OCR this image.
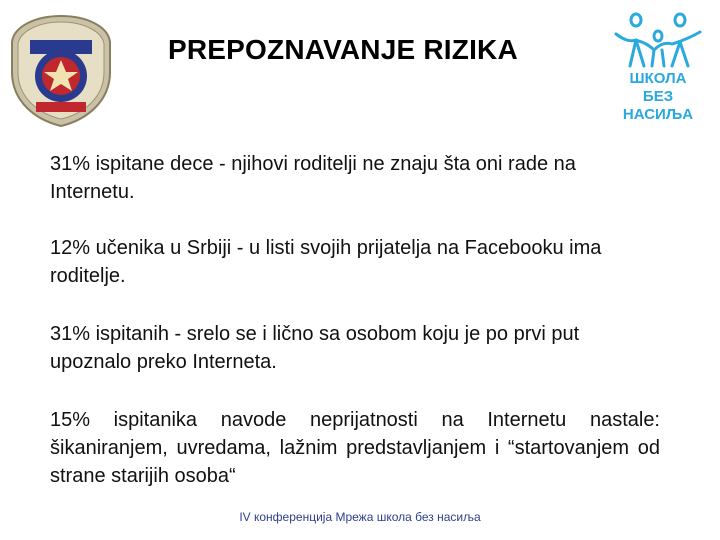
PREPOZNAVANJE RIZIKA
ШКОЛА
БЕЗ НАСИЉА

31% ispitane dece - njihovi roditelji ne znaju šta oni rade na Internetu.

12% učenika u Srbiji - u listi svojih prijatelja na Facebooku ima roditelje.

31% ispitanih - srelo se i lično sa osobom koju je po prvi put upoznalo preko Interneta.

15% ispitanika navode neprijatnosti na Internetu nastale: šikaniranjem, uvredama, lažnim predstavljanjem i “startovanjem od strane starijih osoba“

IV конференција Мрежа школа без насиља
